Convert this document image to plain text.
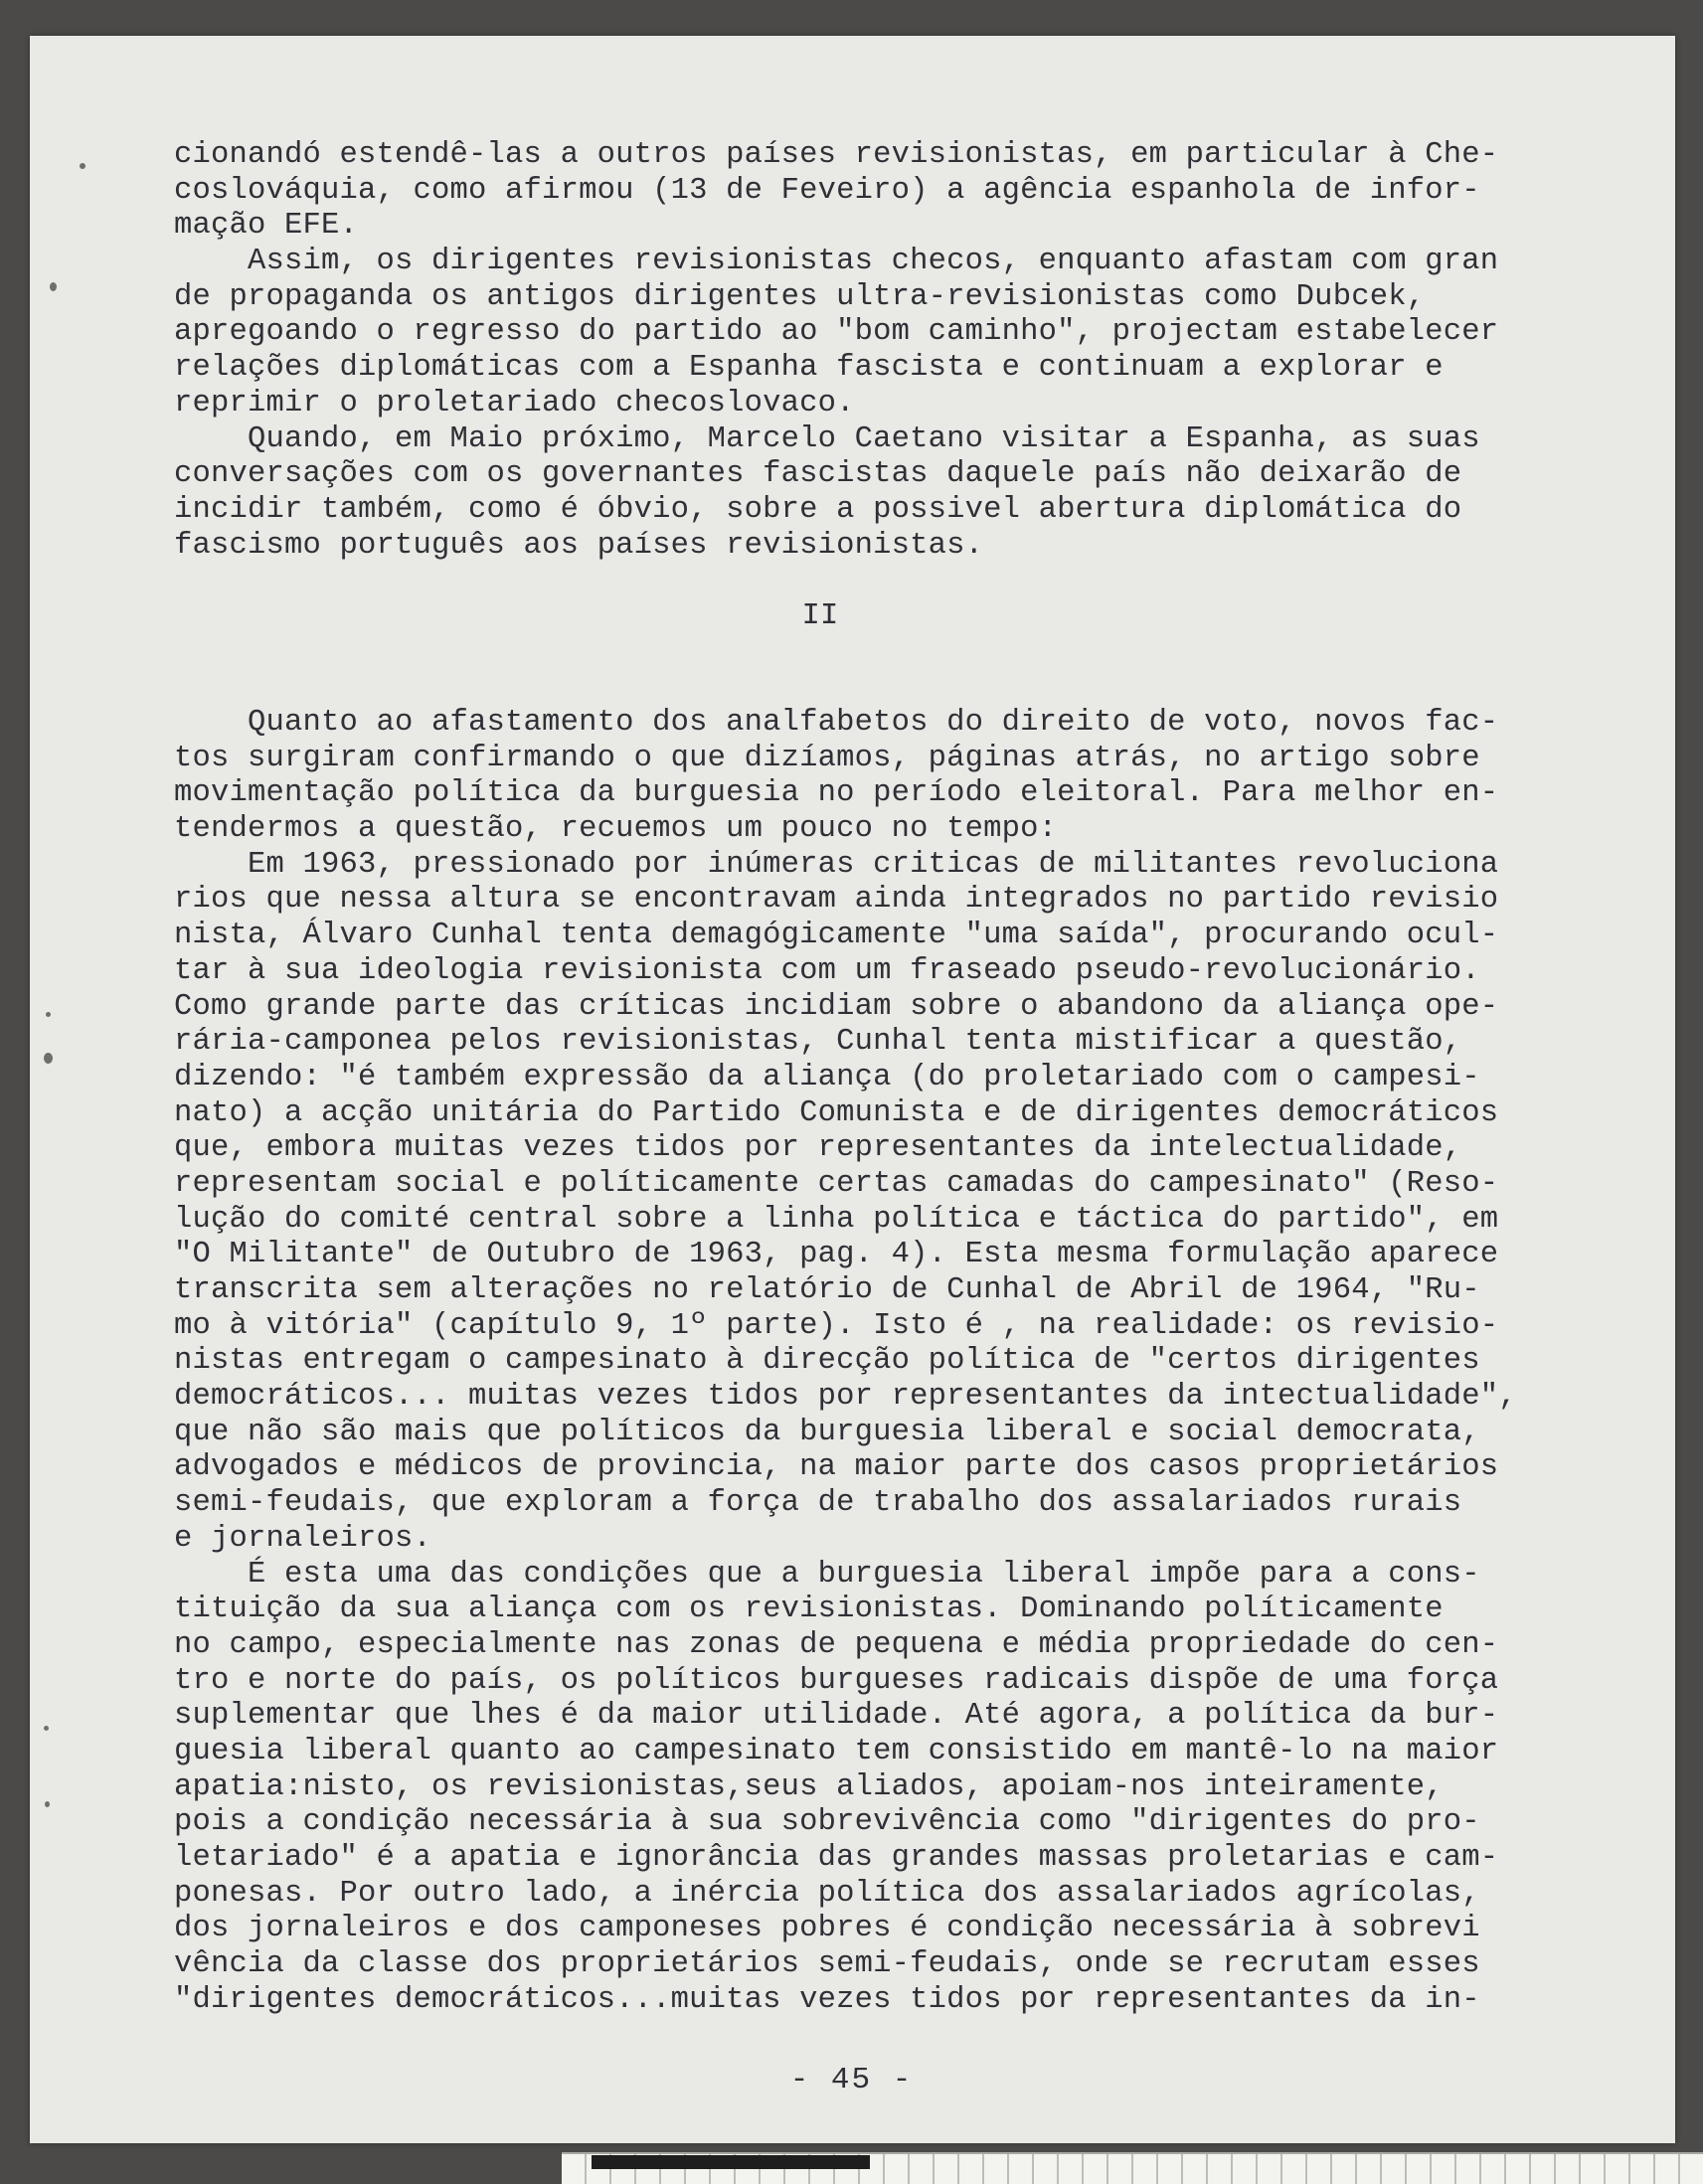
cionandó estendê-las a outros países revisionistas, em particular à Che-
coslováquia, como afirmou (13 de Feveiro) a agência espanhola de infor-
mação EFE.
Assim, os dirigentes revisionistas checos, enquanto afastam com gran
de propaganda os antigos dirigentes ultra-revisionistas como Dubcek,
apregoando o regresso do partido ao "bom caminho", projectam estabelecer
relações diplomáticas com a Espanha fascista e continuam a explorar e
reprimir o proletariado checoslovaco.
Quando, em Maio próximo, Marcelo Caetano visitar a Espanha, as suas
conversações com os governantes fascistas daquele país não deixarão de
incidir também, como é óbvio, sobre a possivel abertura diplomática do
fascismo português aos países revisionistas.
II
Quanto ao afastamento dos analfabetos do direito de voto, novos fac-
tos surgiram confirmando o que dizíamos, páginas atrás, no artigo sobre
movimentação política da burguesia no período eleitoral. Para melhor en-
tendermos a questão, recuemos um pouco no tempo:
Em 1963, pressionado por inúmeras criticas de militantes revoluciona
rios que nessa altura se encontravam ainda integrados no partido revisio
nista, Álvaro Cunhal tenta demagógicamente "uma saída", procurando ocul-
tar à sua ideologia revisionista com um fraseado pseudo-revolucionário.
Como grande parte das críticas incidiam sobre o abandono da aliança ope-
rária-camponea pelos revisionistas, Cunhal tenta mistificar a questão,
dizendo: "é também expressão da aliança (do proletariado com o campesi-
nato) a acção unitária do Partido Comunista e de dirigentes democráticos
que, embora muitas vezes tidos por representantes da intelectualidade,
representam social e políticamente certas camadas do campesinato" (Reso-
lução do comité central sobre a linha política e táctica do partido", em
"O Militante" de Outubro de 1963, pag. 4). Esta mesma formulação aparece
transcrita sem alterações no relatório de Cunhal de Abril de 1964, "Ru-
mo à vitória" (capítulo 9, 1º parte). Isto é , na realidade: os revisio-
nistas entregam o campesinato à direcção política de "certos dirigentes
democráticos... muitas vezes tidos por representantes da intectualidade",
que não são mais que políticos da burguesia liberal e social democrata,
advogados e médicos de provincia, na maior parte dos casos proprietários
semi-feudais, que exploram a força de trabalho dos assalariados rurais
e jornaleiros.
É esta uma das condições que a burguesia liberal impõe para a cons-
tituição da sua aliança com os revisionistas. Dominando políticamente
no campo, especialmente nas zonas de pequena e média propriedade do cen-
tro e norte do país, os políticos burgueses radicais dispõe de uma força
suplementar que lhes é da maior utilidade. Até agora, a política da bur-
guesia liberal quanto ao campesinato tem consistido em mantê-lo na maior
apatia:nisto, os revisionistas,seus aliados, apoiam-nos inteiramente,
pois a condição necessária à sua sobrevivência como "dirigentes do pro-
letariado" é a apatia e ignorância das grandes massas proletarias e cam-
ponesas. Por outro lado, a inércia política dos assalariados agrícolas,
dos jornaleiros e dos camponeses pobres é condição necessária à sobrevi
vência da classe dos proprietários semi-feudais, onde se recrutam esses
"dirigentes democráticos...muitas vezes tidos por representantes da in-
- 45 -
